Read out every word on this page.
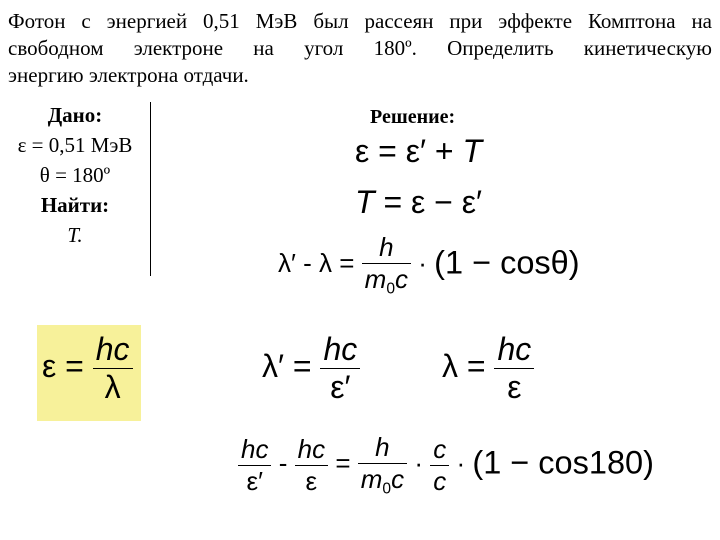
Фотон с энергией 0,51 МэВ был рассеян при эффекте Комптона на
свободном электроне на угол 180º. Определить кинетическую
энергию электрона отдачи.
Дано:
ε = 0,51 МэВ
θ = 180º
Найти:
T.
Решение:
ε = ε′ + T
T = ε − ε′
$\lambda' - \lambda = \frac{h}{m_0c} \cdot (1 - \cos\theta)$
$\varepsilon = \frac{hc}{\lambda}$	$\lambda' = \frac{hc}{\varepsilon'}$	$\lambda = \frac{hc}{\varepsilon}$
$\frac{hc}{\varepsilon'} - \frac{hc}{\varepsilon} = \frac{h}{m_0c} \cdot \frac{c}{c} \cdot (1 - \cos 180)$
